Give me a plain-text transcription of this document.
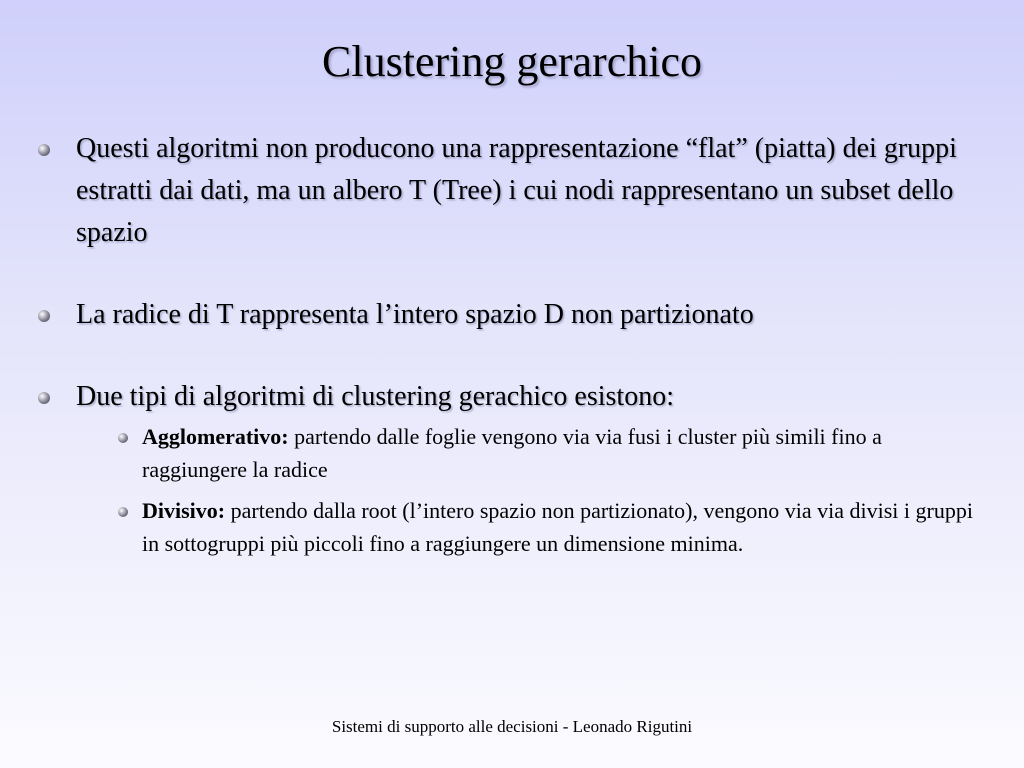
Clustering gerarchico
Questi algoritmi non producono una rappresentazione “flat” (piatta) dei gruppi estratti dai dati, ma un albero T (Tree) i cui nodi rappresentano un subset dello spazio
La radice di T rappresenta l’intero spazio D non partizionato
Due tipi di algoritmi di clustering gerachico esistono:
Agglomerativo: partendo dalle foglie vengono via via fusi i cluster più simili fino a raggiungere la radice
Divisivo: partendo dalla root (l’intero spazio non partizionato), vengono via via divisi i gruppi in sottogruppi più piccoli fino a raggiungere un dimensione minima.
Sistemi di supporto alle decisioni - Leonado Rigutini
